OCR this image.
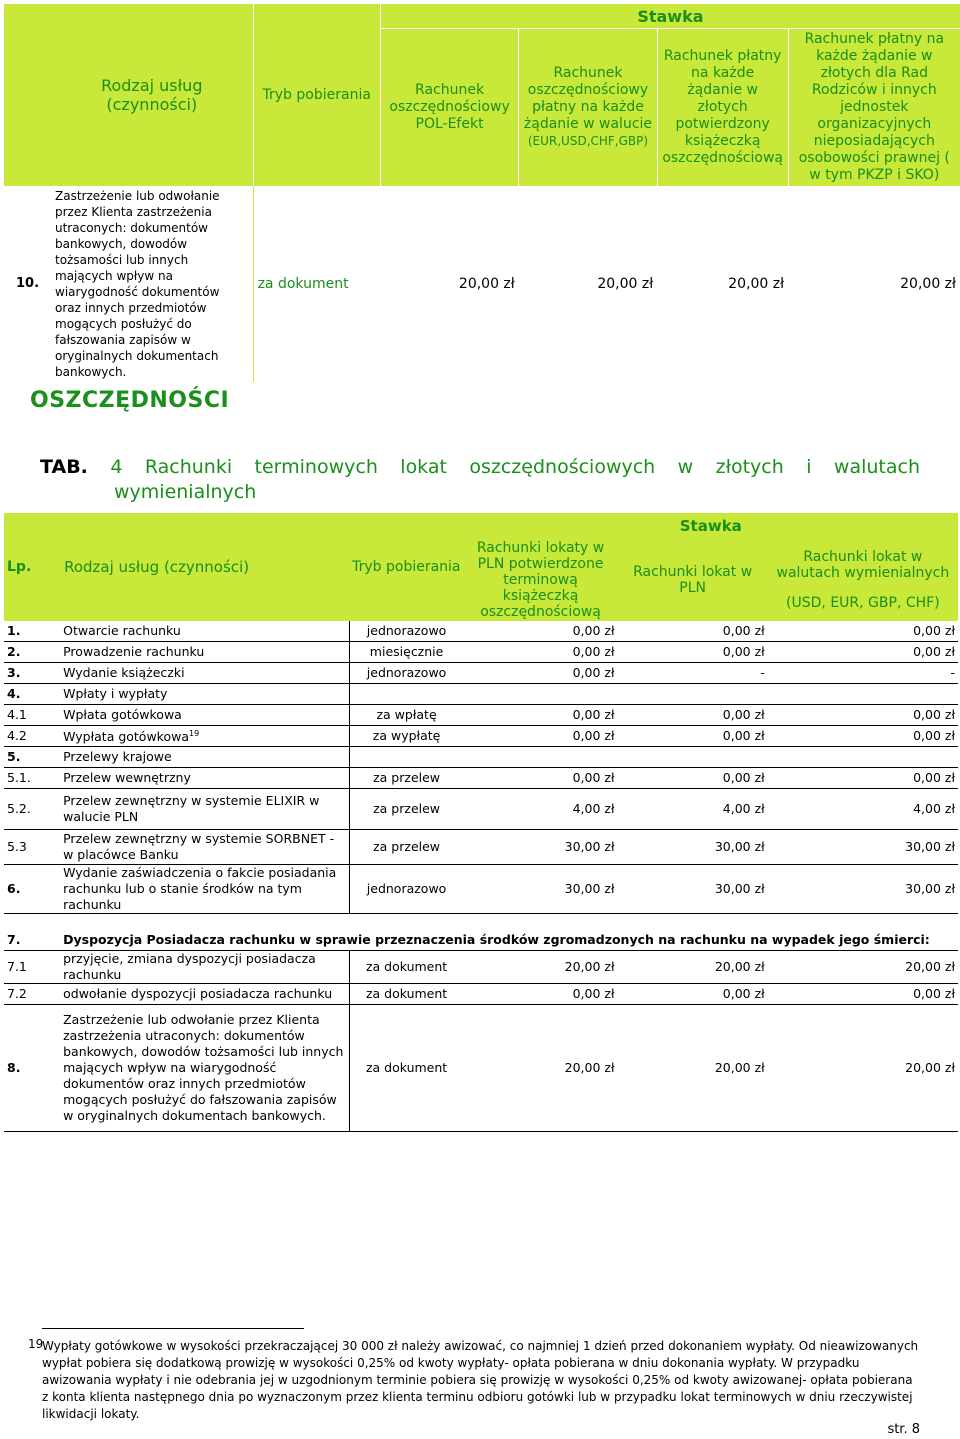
	Rodzaj usług (czynności)	Tryb pobierania	Stawka			
			Rachunek oszczędnościowy POL-Efekt	Rachunek oszczędnościowy płatny na każde żądanie w walucie
(EUR,USD,CHF,GBP)	Rachunek płatny na każde żądanie w złotych potwierdzony książeczką oszczędnościową	Rachunek płatny na każde żądanie w złotych dla Rad Rodziców i innych jednostek organizacyjnych nieposiadających osobowości prawnej ( w tym PKZP i SKO)
10.	Zastrzeżenie lub odwołanie przez Klienta zastrzeżenia utraconych: dokumentów bankowych, dowodów tożsamości lub innych mających wpływ na wiarygodność dokumentów oraz innych przedmiotów mogących posłużyć do fałszowania zapisów w oryginalnych dokumentach bankowych.	za dokument	20,00 zł	20,00 zł	20,00 zł	20,00 zł
OSZCZĘDNOŚCI
TAB. 4 Rachunki terminowych lokat oszczędnościowych w złotych i walutach
wymienialnych
Lp.	Rodzaj usług (czynności)	Tryb pobierania	Stawka		
			Rachunki lokaty w PLN potwierdzone terminową książeczką oszczędnościową	Rachunki lokat w PLN	Rachunki lokat w walutach wymienialnych
(USD, EUR, GBP, CHF)

1.	Otwarcie rachunku	jednorazowo	0,00 zł	0,00 zł	0,00 zł
2.	Prowadzenie rachunku	miesięcznie	0,00 zł	0,00 zł	0,00 zł
3.	Wydanie książeczki	jednorazowo	0,00 zł	-	-
4.	Wpłaty i wypłaty				
4.1	Wpłata gotówkowa	za wpłatę	0,00 zł	0,00 zł	0,00 zł
4.2	Wypłata gotówkowa$^{19}$	za wypłatę	0,00 zł	0,00 zł	0,00 zł
5.	Przelewy krajowe				
5.1.	Przelew wewnętrzny	za przelew	0,00 zł	0,00 zł	0,00 zł
5.2.	Przelew zewnętrzny w systemie ELIXIR w walucie PLN	za przelew	4,00 zł	4,00 zł	4,00 zł
5.3	Przelew zewnętrzny w systemie SORBNET - w placówce Banku	za przelew	30,00 zł	30,00 zł	30,00 zł
6.	Wydanie zaświadczenia o fakcie posiadania rachunku lub o stanie środków na tym rachunku	jednorazowo	30,00 zł	30,00 zł	30,00 zł

7.	Dyspozycja Posiadacza rachunku w sprawie przeznaczenia środków zgromadzonych na rachunku na wypadek jego śmierci:				
7.1	przyjęcie, zmiana dyspozycji posiadacza rachunku	za dokument	20,00 zł	20,00 zł	20,00 zł
7.2	odwołanie dyspozycji posiadacza rachunku	za dokument	0,00 zł	0,00 zł	0,00 zł
8.	Zastrzeżenie lub odwołanie przez Klienta zastrzeżenia utraconych: dokumentów bankowych, dowodów tożsamości lub innych mających wpływ na wiarygodność dokumentów oraz innych przedmiotów mogących posłużyć do fałszowania zapisów w oryginalnych dokumentach bankowych.	za dokument	20,00 zł	20,00 zł	20,00 zł
19
Wypłaty gotówkowe w wysokości przekraczającej 30 000 zł należy awizować, co najmniej 1 dzień przed dokonaniem wypłaty. Od nieawizowanych wypłat pobiera się dodatkową prowizję w wysokości 0,25% od kwoty wypłaty- opłata pobierana w dniu dokonania wypłaty. W przypadku awizowania wypłaty i nie odebrania jej w uzgodnionym terminie pobiera się prowizję w wysokości 0,25% od kwoty awizowanej- opłata pobierana z konta klienta następnego dnia po wyznaczonym przez klienta terminu odbioru gotówki lub w przypadku lokat terminowych w dniu rzeczywistej likwidacji lokaty.
str. 8
